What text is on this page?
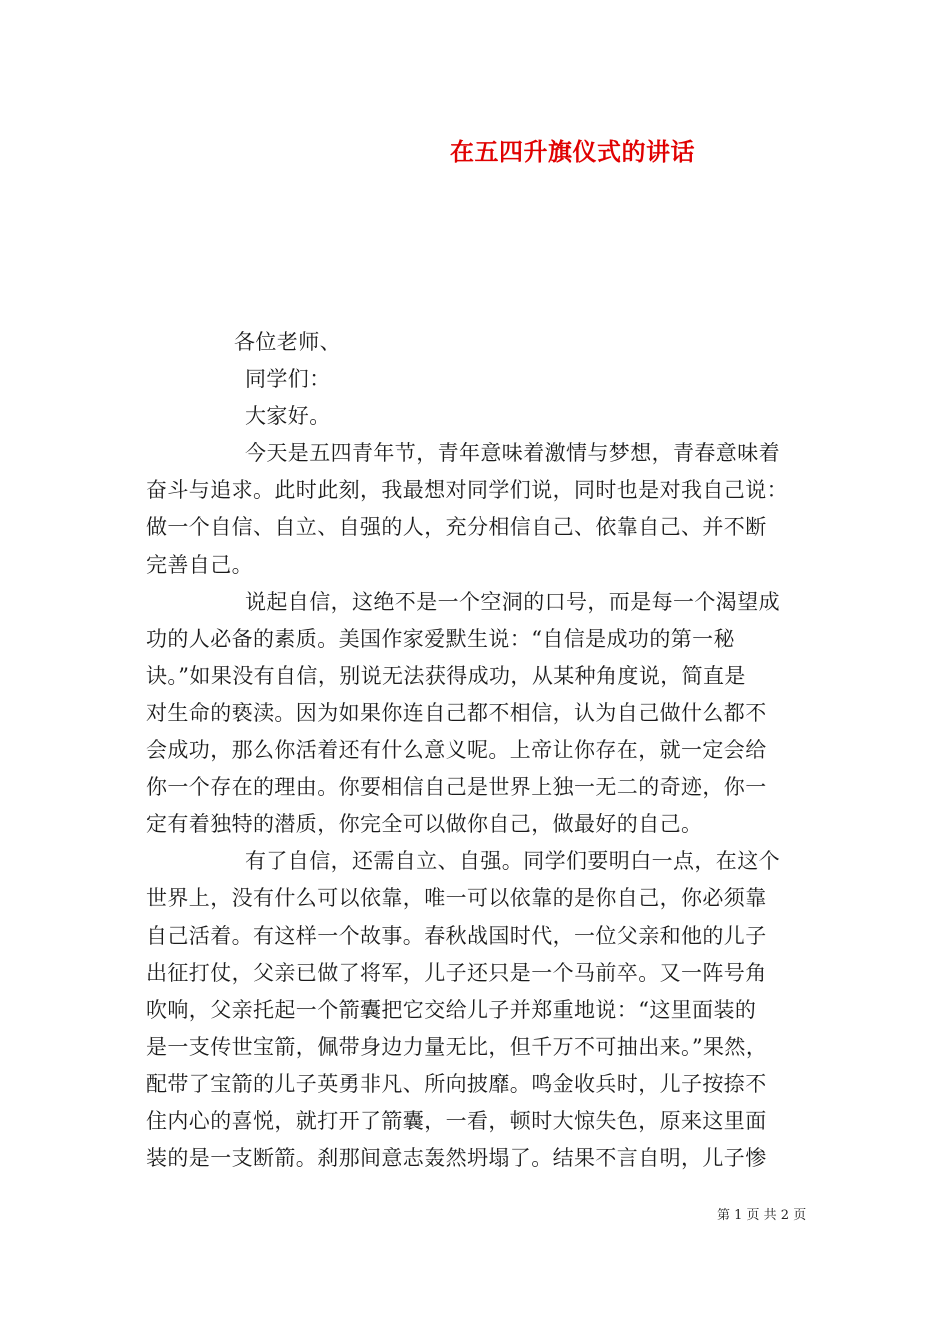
在五四升旗仪式的讲话
各位老师、
同学们：
大家好。
今天是五四青年节，青年意味着激情与梦想，青春意味着
奋斗与追求。此时此刻，我最想对同学们说，同时也是对我自己说：
做一个自信、自立、自强的人，充分相信自己、依靠自己、并不断
完善自己。
说起自信，这绝不是一个空洞的口号，而是每一个渴望成
功的人必备的素质。美国作家爱默生说：“自信是成功的第一秘
诀。”如果没有自信，别说无法获得成功，从某种角度说，简直是
对生命的亵渎。因为如果你连自己都不相信，认为自己做什么都不
会成功，那么你活着还有什么意义呢。上帝让你存在，就一定会给
你一个存在的理由。你要相信自己是世界上独一无二的奇迹，你一
定有着独特的潜质，你完全可以做你自己，做最好的自己。
有了自信，还需自立、自强。同学们要明白一点，在这个
世界上，没有什么可以依靠，唯一可以依靠的是你自己，你必须靠
自己活着。有这样一个故事。春秋战国时代，一位父亲和他的儿子
出征打仗，父亲已做了将军，儿子还只是一个马前卒。又一阵号角
吹响，父亲托起一个箭囊把它交给儿子并郑重地说：“这里面装的
是一支传世宝箭，佩带身边力量无比，但千万不可抽出来。”果然，
配带了宝箭的儿子英勇非凡、所向披靡。鸣金收兵时，儿子按捺不
住内心的喜悦，就打开了箭囊，一看，顿时大惊失色，原来这里面
装的是一支断箭。刹那间意志轰然坍塌了。结果不言自明，儿子惨
第 1 页 共 2 页
